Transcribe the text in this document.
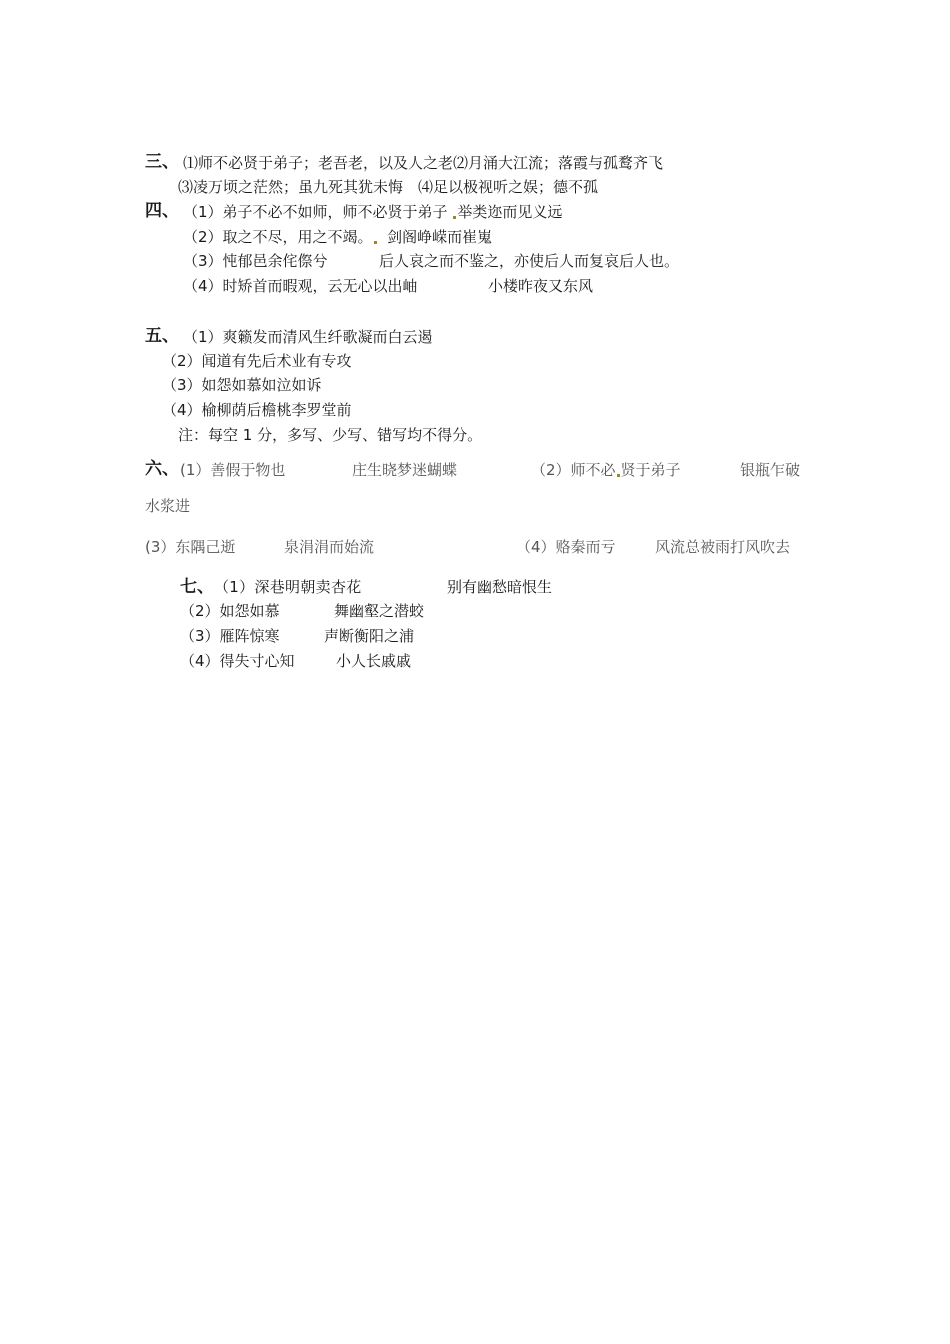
三、 ⑴师不必贤于弟子；老吾老，以及人之老⑵月涌大江流；落霞与孤鹜齐飞
⑶凌万顷之茫然；虽九死其犹未悔　⑷足以极视听之娱；德不孤
四、 （1）弟子不必不如师，师不必贤于弟子 举类迩而见义远
（2）取之不尽，用之不竭。  剑阁峥嵘而崔嵬
（3）忳郁邑余侘傺兮	后人哀之而不鉴之，亦使后人而复哀后人也。
（4）时矫首而暇观，云无心以出岫	小楼昨夜又东风
五、 （1）爽籁发而清风生纤歌凝而白云遏
（2）闻道有先后术业有专攻
（3）如怨如慕如泣如诉
（4）榆柳荫后檐桃李罗堂前
注：每空 1 分，多写、少写、错写均不得分。
六、 (1）善假于物也	庄生晓梦迷蝴蝶	（2）师不必 贤于弟子	银瓶乍破
水浆进
(3）东隅己逝	泉涓涓而始流	（4）赂秦而亏	风流总被雨打风吹去
七、 （1）深巷明朝卖杏花	别有幽愁暗恨生
（2）如怨如慕	舞幽壑之潜蛟
（3）雁阵惊寒	声断衡阳之浦
（4）得失寸心知	小人长戚戚
